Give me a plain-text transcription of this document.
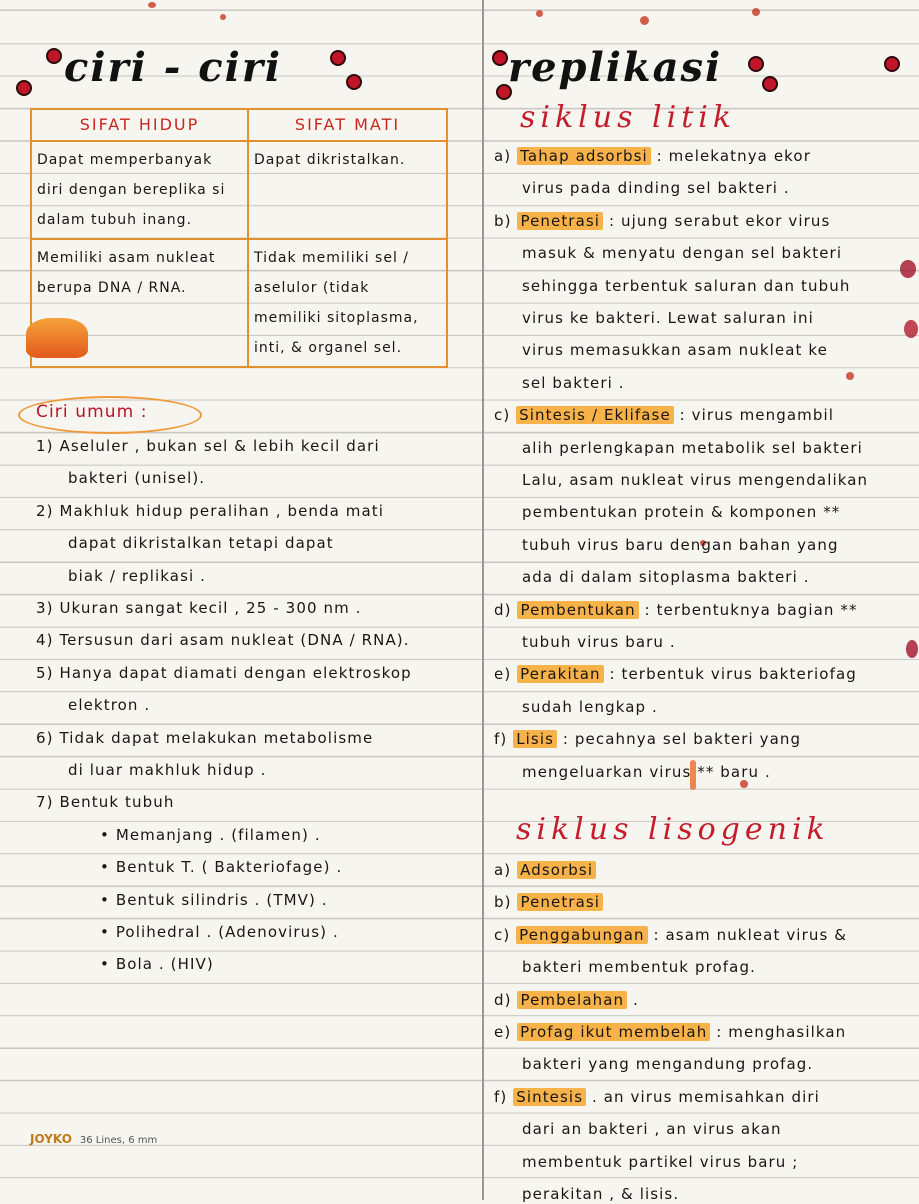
ciri - ciri
SIFAT HIDUP	SIFAT MATI
Dapat memperbanyak diri dengan bereplika si dalam tubuh inang.	Dapat dikristalkan.
Memiliki asam nukleat berupa DNA / RNA.	Tidak memiliki sel / aselulor (tidak memiliki sitoplasma, inti, & organel sel.
Ciri umum :
1) Aseluler , bukan sel & lebih kecil dari
bakteri (unisel).
2) Makhluk hidup peralihan , benda mati
dapat dikristalkan tetapi dapat
biak / replikasi .
3) Ukuran sangat kecil , 25 - 300 nm .
4) Tersusun dari asam nukleat (DNA / RNA).
5) Hanya dapat diamati dengan elektroskop
elektron .
6) Tidak dapat melakukan metabolisme
di luar makhluk hidup .
7) Bentuk tubuh
• Memanjang . (filamen) .
• Bentuk T. ( Bakteriofage) .
• Bentuk silindris . (TMV) .
• Polihedral . (Adenovirus) .
• Bola . (HIV)
JOYKO 36 Lines, 6 mm
replikasi
siklus litik
a) Tahap adsorbsi : melekatnya ekor
virus pada dinding sel bakteri .
b) Penetrasi : ujung serabut ekor virus
masuk & menyatu dengan sel bakteri
sehingga terbentuk saluran dan tubuh
virus ke bakteri. Lewat saluran ini
virus memasukkan asam nukleat ke
sel bakteri .
c) Sintesis / Eklifase : virus mengambil
alih perlengkapan metabolik sel bakteri
Lalu, asam nukleat virus mengendalikan
pembentukan protein & komponen **
tubuh virus baru dengan bahan yang
ada di dalam sitoplasma bakteri .
d) Pembentukan : terbentuknya bagian **
tubuh virus baru .
e) Perakitan : terbentuk virus bakteriofag
sudah lengkap .
f) Lisis : pecahnya sel bakteri yang
mengeluarkan virus ** baru .
siklus lisogenik
a) Adsorbsi
b) Penetrasi
c) Penggabungan : asam nukleat virus &
bakteri membentuk profag.
d) Pembelahan .
e) Profag ikut membelah : menghasilkan
bakteri yang mengandung profag.
f) Sintesis . an virus memisahkan diri
dari an bakteri , an virus akan
membentuk partikel virus baru ;
perakitan , & lisis.
